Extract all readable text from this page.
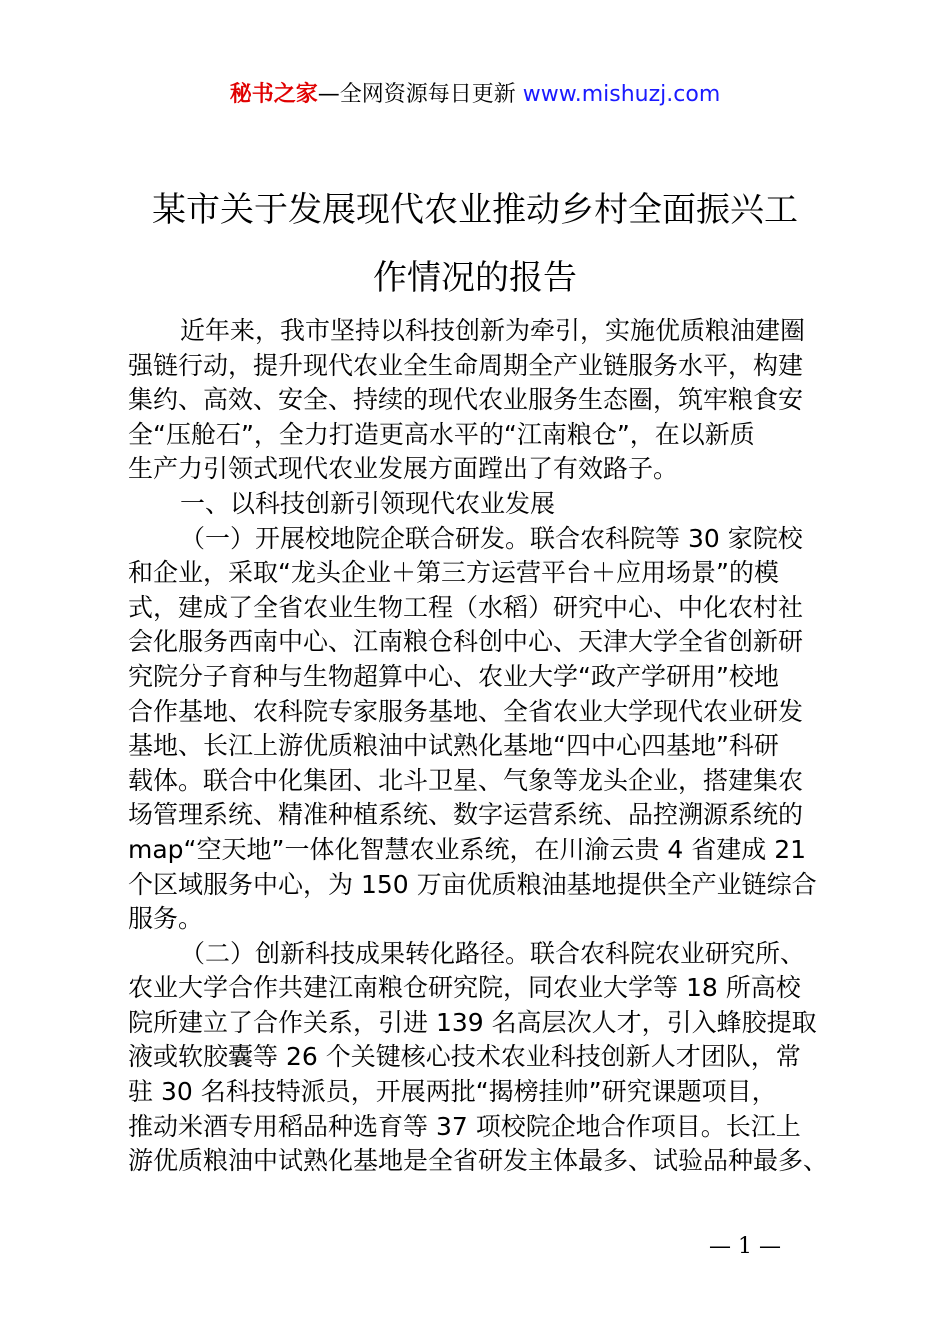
秘书之家—全网资源每日更新 www.mishuzj.com
某市关于发展现代农业推动乡村全面振兴工
作情况的报告
近年来，我市坚持以科技创新为牵引，实施优质粮油建圈
强链行动，提升现代农业全生命周期全产业链服务水平，构建
集约、高效、安全、持续的现代农业服务生态圈，筑牢粮食安
全“压舱石”，全力打造更高水平的“江南粮仓”，在以新质
生产力引领式现代农业发展方面蹚出了有效路子。
一、以科技创新引领现代农业发展
（一）开展校地院企联合研发。联合农科院等 30 家院校
和企业，采取“龙头企业＋第三方运营平台＋应用场景”的模
式，建成了全省农业生物工程（水稻）研究中心、中化农村社
会化服务西南中心、江南粮仓科创中心、天津大学全省创新研
究院分子育种与生物超算中心、农业大学“政产学研用”校地
合作基地、农科院专家服务基地、全省农业大学现代农业研发
基地、长江上游优质粮油中试熟化基地“四中心四基地”科研
载体。联合中化集团、北斗卫星、气象等龙头企业，搭建集农
场管理系统、精准种植系统、数字运营系统、品控溯源系统的
map“空天地”一体化智慧农业系统，在川渝云贵 4 省建成 21
个区域服务中心，为 150 万亩优质粮油基地提供全产业链综合
服务。
（二）创新科技成果转化路径。联合农科院农业研究所、
农业大学合作共建江南粮仓研究院，同农业大学等 18 所高校
院所建立了合作关系，引进 139 名高层次人才，引入蜂胶提取
液或软胶囊等 26 个关键核心技术农业科技创新人才团队，常
驻 30 名科技特派员，开展两批“揭榜挂帅”研究课题项目，
推动米酒专用稻品种选育等 37 项校院企地合作项目。长江上
游优质粮油中试熟化基地是全省研发主体最多、试验品种最多、
— 1 —
